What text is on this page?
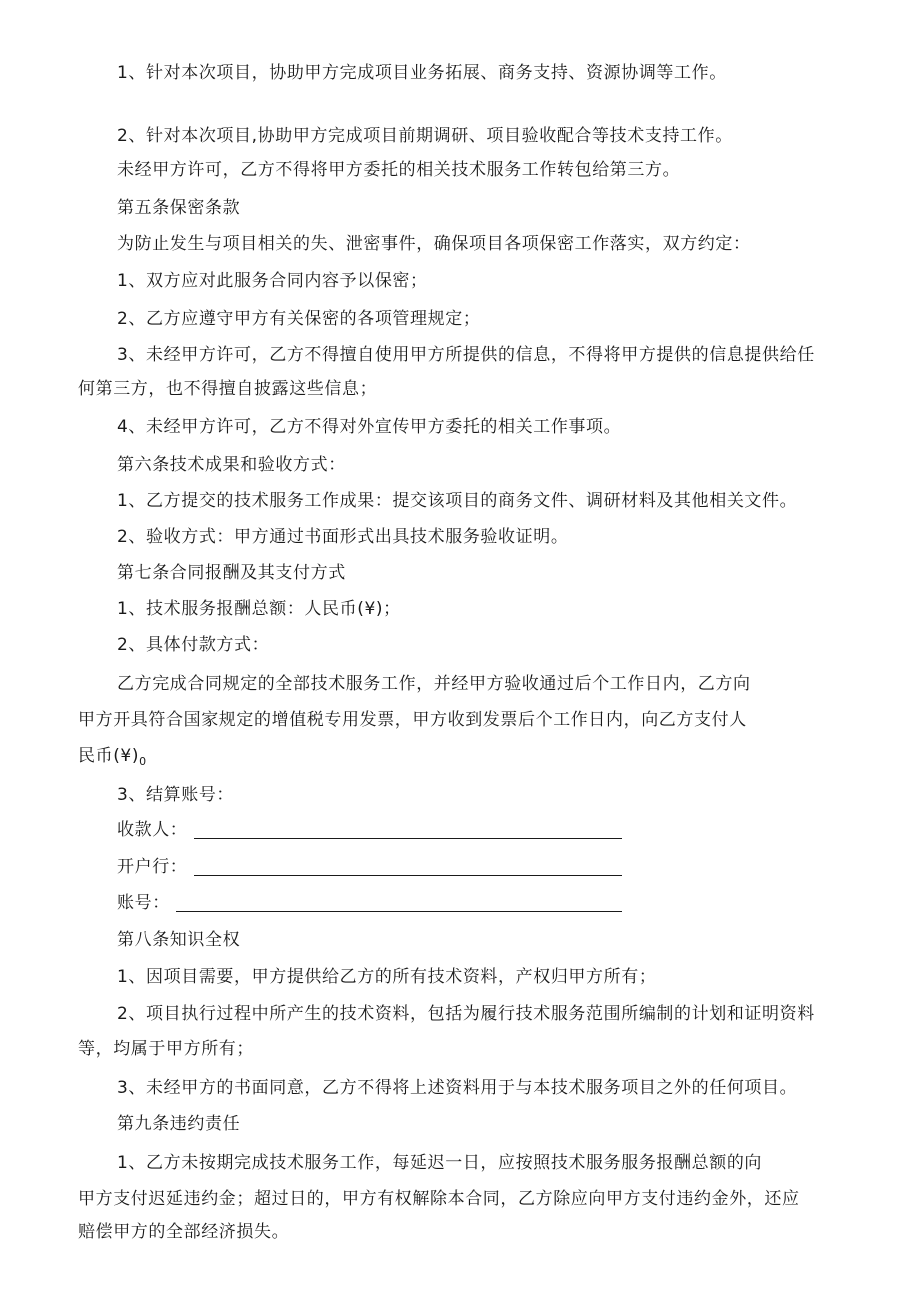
1、针对本次项目，协助甲方完成项目业务拓展、商务支持、资源协调等工作。
2、针对本次项目,协助甲方完成项目前期调研、项目验收配合等技术支持工作。
未经甲方许可，乙方不得将甲方委托的相关技术服务工作转包给第三方。
第五条保密条款
为防止发生与项目相关的失、泄密事件，确保项目各项保密工作落实，双方约定：
1、双方应对此服务合同内容予以保密；
2、乙方应遵守甲方有关保密的各项管理规定；
3、未经甲方许可，乙方不得擅自使用甲方所提供的信息，不得将甲方提供的信息提供给任
何第三方，也不得擅自披露这些信息；
4、未经甲方许可，乙方不得对外宣传甲方委托的相关工作事项。
第六条技术成果和验收方式：
1、乙方提交的技术服务工作成果：提交该项目的商务文件、调研材料及其他相关文件。
2、验收方式：甲方通过书面形式出具技术服务验收证明。
第七条合同报酬及其支付方式
1、技术服务报酬总额：人民币(¥)；
2、具体付款方式：
乙方完成合同规定的全部技术服务工作，并经甲方验收通过后个工作日内，乙方向
甲方开具符合国家规定的增值税专用发票，甲方收到发票后个工作日内，向乙方支付人
民币$(¥)_0$
3、结算账号：
收款人：
开户行：
账号：
第八条知识全权
1、因项目需要，甲方提供给乙方的所有技术资料，产权归甲方所有；
2、项目执行过程中所产生的技术资料，包括为履行技术服务范围所编制的计划和证明资料
等，均属于甲方所有；
3、未经甲方的书面同意，乙方不得将上述资料用于与本技术服务项目之外的任何项目。
第九条违约责任
1、乙方未按期完成技术服务工作，每延迟一日，应按照技术服务服务报酬总额的向
甲方支付迟延违约金；超过日的，甲方有权解除本合同，乙方除应向甲方支付违约金外，还应
赔偿甲方的全部经济损失。
